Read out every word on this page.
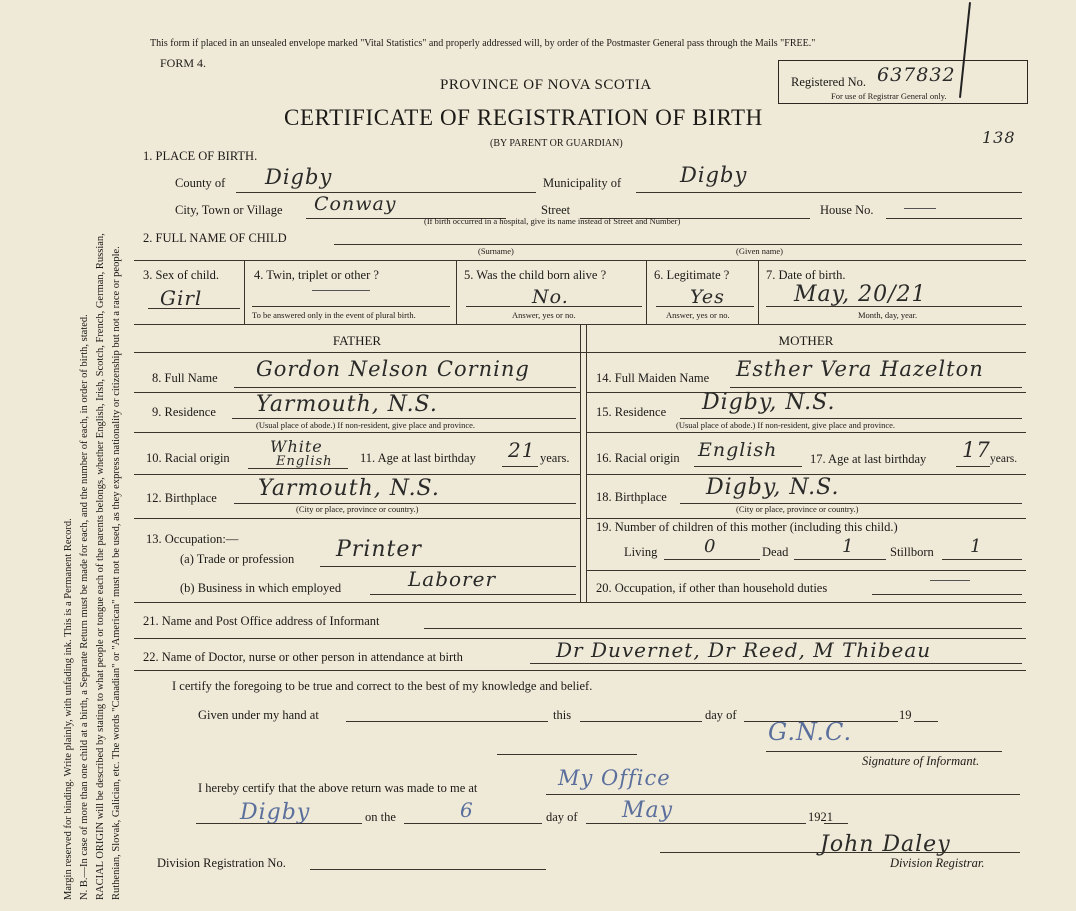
Margin reserved for binding. Write plainly, with unfading ink. This is a Permanent Record. N. B.—In case of more than one child at a birth, a Separate Return must be made for each, and the number of each, in order of birth, stated. RACIAL ORIGIN will be described by stating to what people or tongue each of the parents belongs, whether English, Irish, Scotch, French, German, Russian, Ruthenian, Slovak, Galician, etc. The words "Canadian" or "American" must not be used, as they express nationality or citizenship but not a race or people.
This form if placed in an unsealed envelope marked "Vital Statistics" and properly addressed will, by order of the Postmaster General pass through the Mails "FREE."
FORM 4.
PROVINCE OF NOVA SCOTIA
CERTIFICATE OF REGISTRATION OF BIRTH
(BY PARENT OR GUARDIAN)
Registered No. 637832
For use of Registrar General only.
138
1. PLACE OF BIRTH.
County of Digby	Municipality of	Digby
City, Town or Village Conway	Street
(If birth occurred in a hospital, give its name instead of Street and Number)
House No.
2. FULL NAME OF CHILD
(Surname)	(Given name)
3. Sex of child.
Girl
4. Twin, triplet or other ?
To be answered only in the event of plural birth.
5. Was the child born alive ?
No.
Answer, yes or no.
6. Legitimate ?
Yes
Answer, yes or no.
7. Date of birth.
May, 20/21
Month, day, year.
FATHER	MOTHER
8. Full Name Gordon Nelson Corning
9. Residence Yarmouth, N.S.
(Usual place of abode.) If non-resident, give place and province.
10. Racial origin
White
English 11. Age at last birthday 21 years.
12. Birthplace Yarmouth, N.S.
(City or place, province or country.)
13. Occupation:—
(a) Trade or profession Printer
(b) Business in which employed	Laborer
14. Full Maiden Name Esther Vera Hazelton
15. Residence Digby, N.S.
(Usual place of abode.) If non-resident, give place and province.
16. Racial origin English	17. Age at last birthday 17 years.
18. Birthplace Digby, N.S.
(City or place, province or country.)
19. Number of children of this mother (including this child.)
Living	0	Dead	1	Stillborn 1
20. Occupation, if other than household duties
21. Name and Post Office address of Informant
22. Name of Doctor, nurse or other person in attendance at birth	Dr Duvernet, Dr Reed, M Thibeau
I certify the foregoing to be true and correct to the best of my knowledge and belief.
Given under my hand at	this	day of	19
G.N.C.
Signature of Informant.
I hereby certify that the above return was made to me at	My Office
Digby	on the	6	day of May	1921
Division Registration No.
John Daley
Division Registrar.
